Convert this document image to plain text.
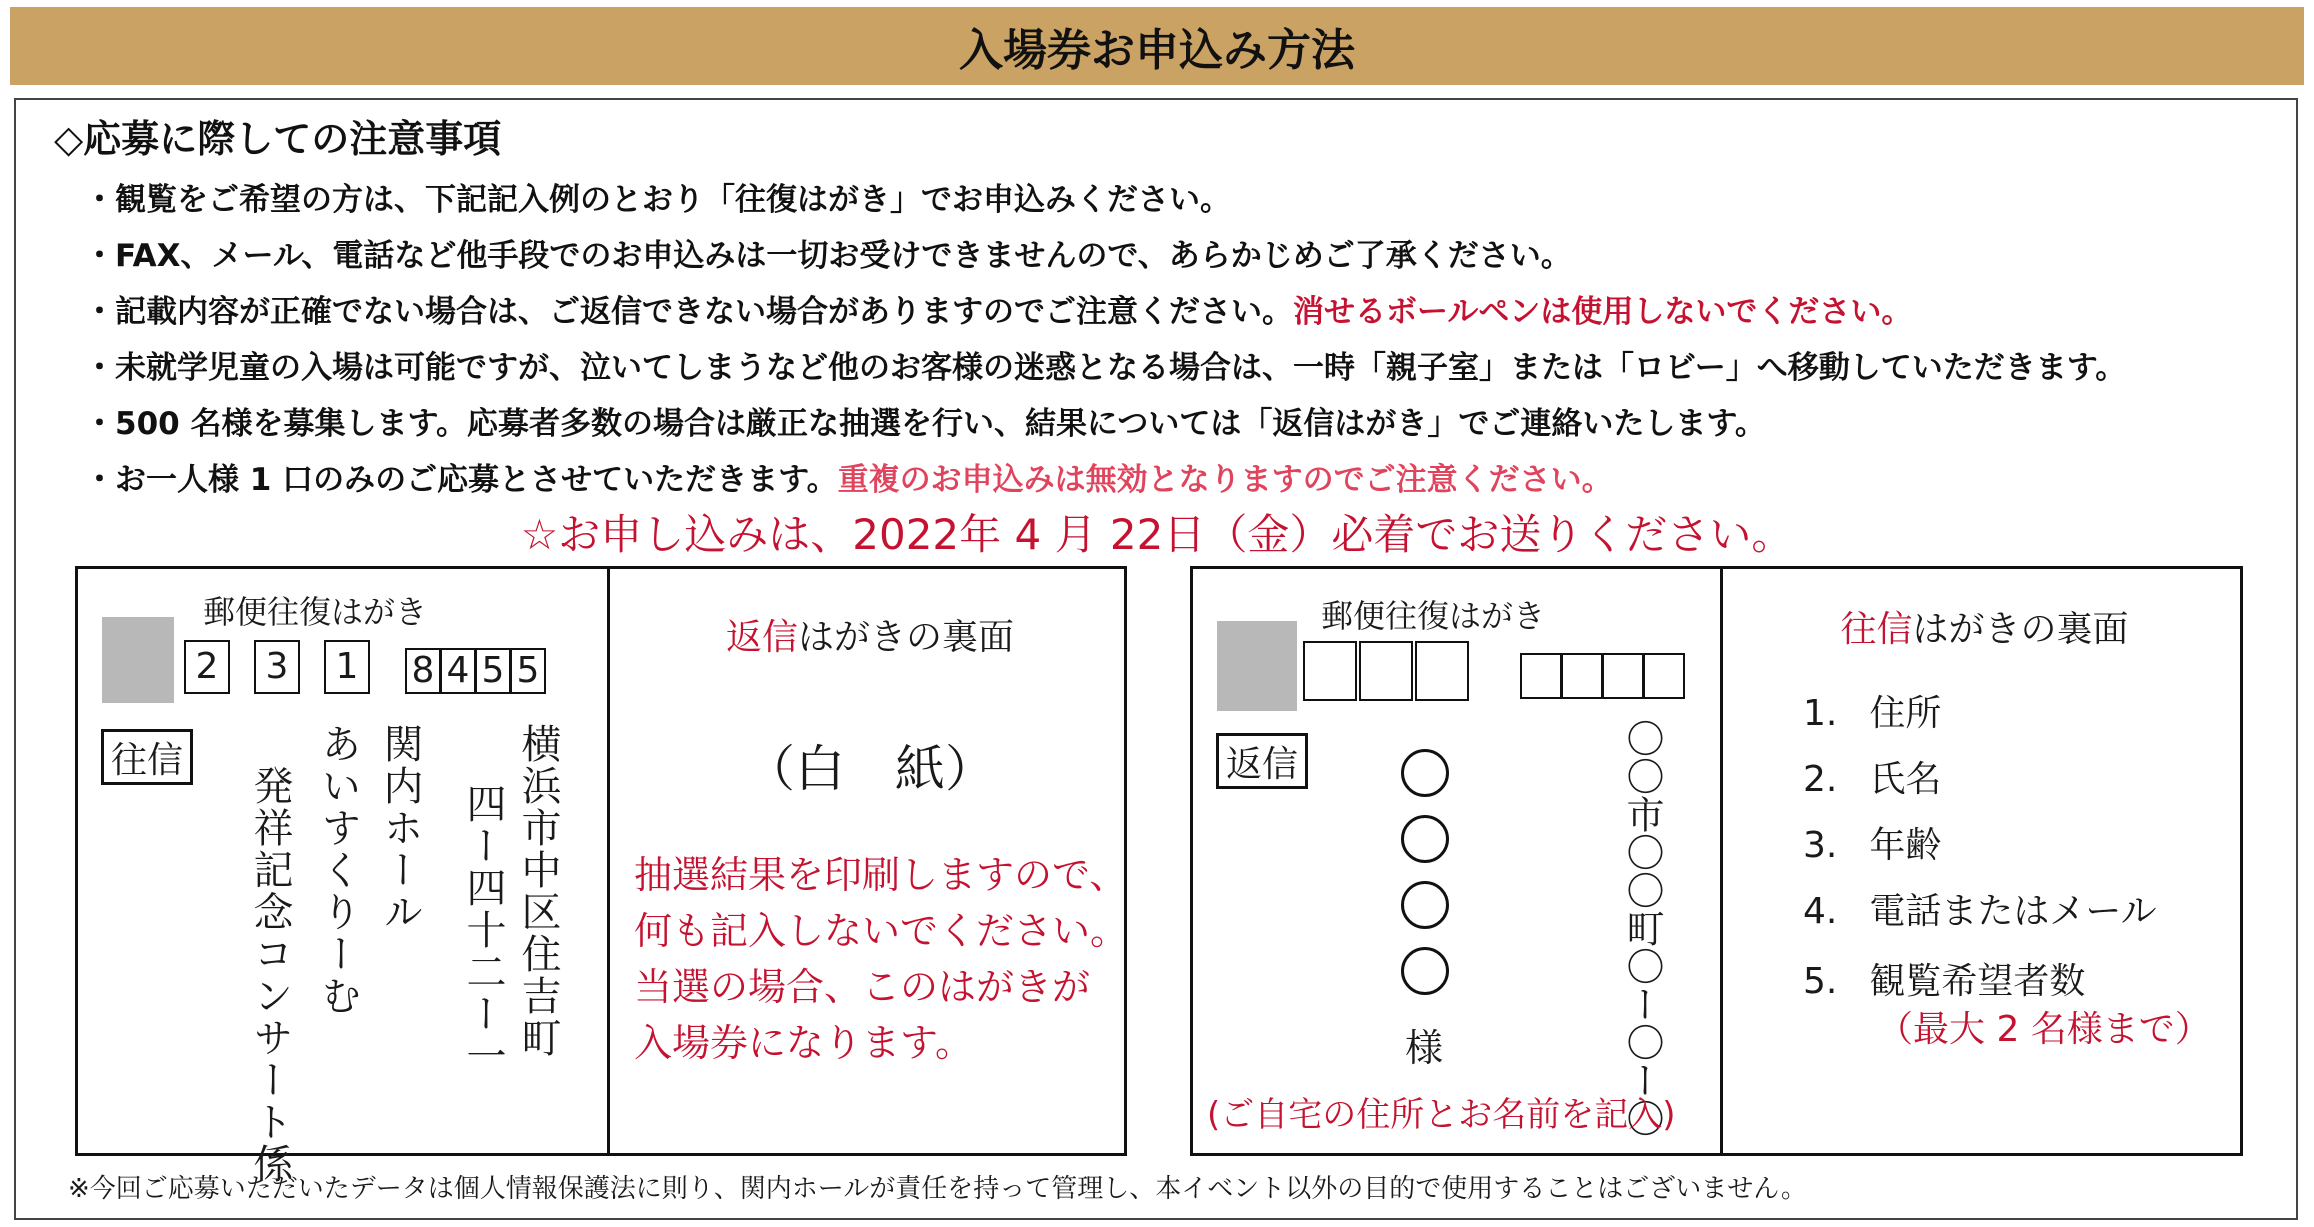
入場券お申込み方法
◇応募に際しての注意事項
・観覧をご希望の方は、下記記入例のとおり「往復はがき」でお申込みください。
・FAX、メール、電話など他手段でのお申込みは一切お受けできませんので、あらかじめご了承ください。
・記載内容が正確でない場合は、ご返信できない場合がありますのでご注意ください。消せるボールペンは使用しないでください。
・未就学児童の入場は可能ですが、泣いてしまうなど他のお客様の迷惑となる場合は、一時「親子室」または「ロビー」へ移動していただきます。
・500 名様を募集します。応募者多数の場合は厳正な抽選を行い、結果については「返信はがき」でご連絡いたします。
・お一人様 1 口のみのご応募とさせていただきます。重複のお申込みは無効となりますのでご注意ください。
☆お申し込みは、2022年 4 月 22日（金）必着でお送りください。
郵便往復はがき
2	3	1	8 4 5 5
往信	横浜市中区住吉町
四ー四十二ー一
関内ホール
あいすくりーむ
発祥記念コンサート係
返信はがきの裏面
（白　紙）
抽選結果を印刷しますので、
何も記入しないでください。
当選の場合、このはがきが
入場券になります。
郵便往復はがき
返信	〇〇市〇〇町〇ー〇ー〇
様
(ご自宅の住所とお名前を記入)
往信はがきの裏面
1. 住所
2. 氏名
3. 年齢
4. 電話またはメール
5. 観覧希望者数
（最大 2 名様まで）
※今回ご応募いただいたデータは個人情報保護法に則り、関内ホールが責任を持って管理し、本イベント以外の目的で使用することはございません。
